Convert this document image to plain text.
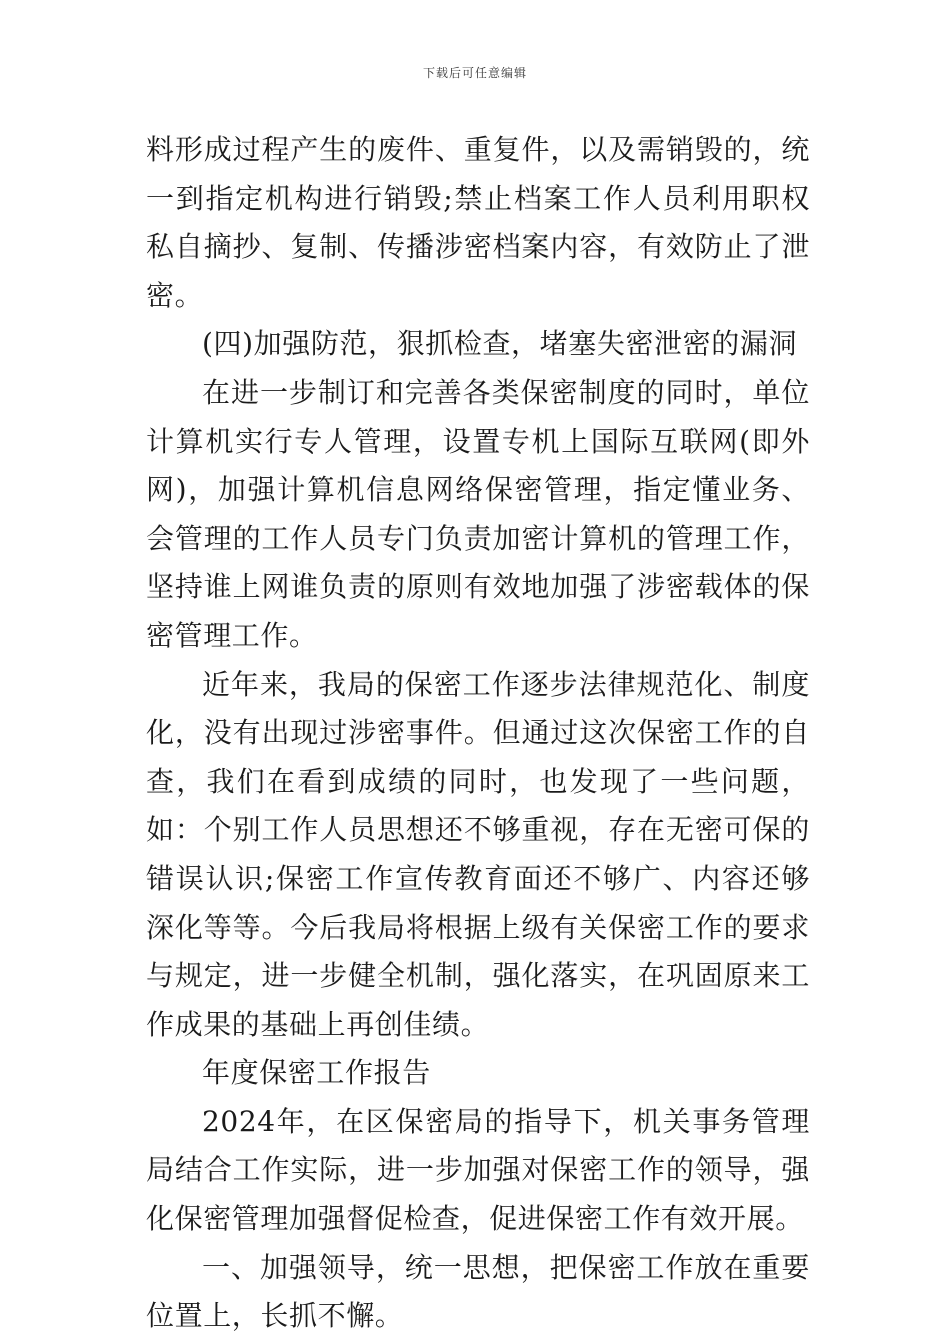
下载后可任意编辑

料形成过程产生的废件、重复件，以及需销毁的，统一到指定机构进行销毁;禁止档案工作人员利用职权私自摘抄、复制、传播涉密档案内容，有效防止了泄密。

(四)加强防范，狠抓检查，堵塞失密泄密的漏洞

在进一步制订和完善各类保密制度的同时，单位计算机实行专人管理，设置专机上国际互联网(即外网)，加强计算机信息网络保密管理，指定懂业务、会管理的工作人员专门负责加密计算机的管理工作，坚持谁上网谁负责的原则有效地加强了涉密载体的保密管理工作。

近年来，我局的保密工作逐步法律规范化、制度化，没有出现过涉密事件。但通过这次保密工作的自查，我们在看到成绩的同时，也发现了一些问题，如：个别工作人员思想还不够重视，存在无密可保的错误认识;保密工作宣传教育面还不够广、内容还够深化等等。今后我局将根据上级有关保密工作的要求与规定，进一步健全机制，强化落实，在巩固原来工作成果的基础上再创佳绩。

年度保密工作报告

2024年，在区保密局的指导下，机关事务管理局结合工作实际，进一步加强对保密工作的领导，强化保密管理加强督促检查，促进保密工作有效开展。

一、加强领导，统一思想，把保密工作放在重要位置上，长抓不懈。
